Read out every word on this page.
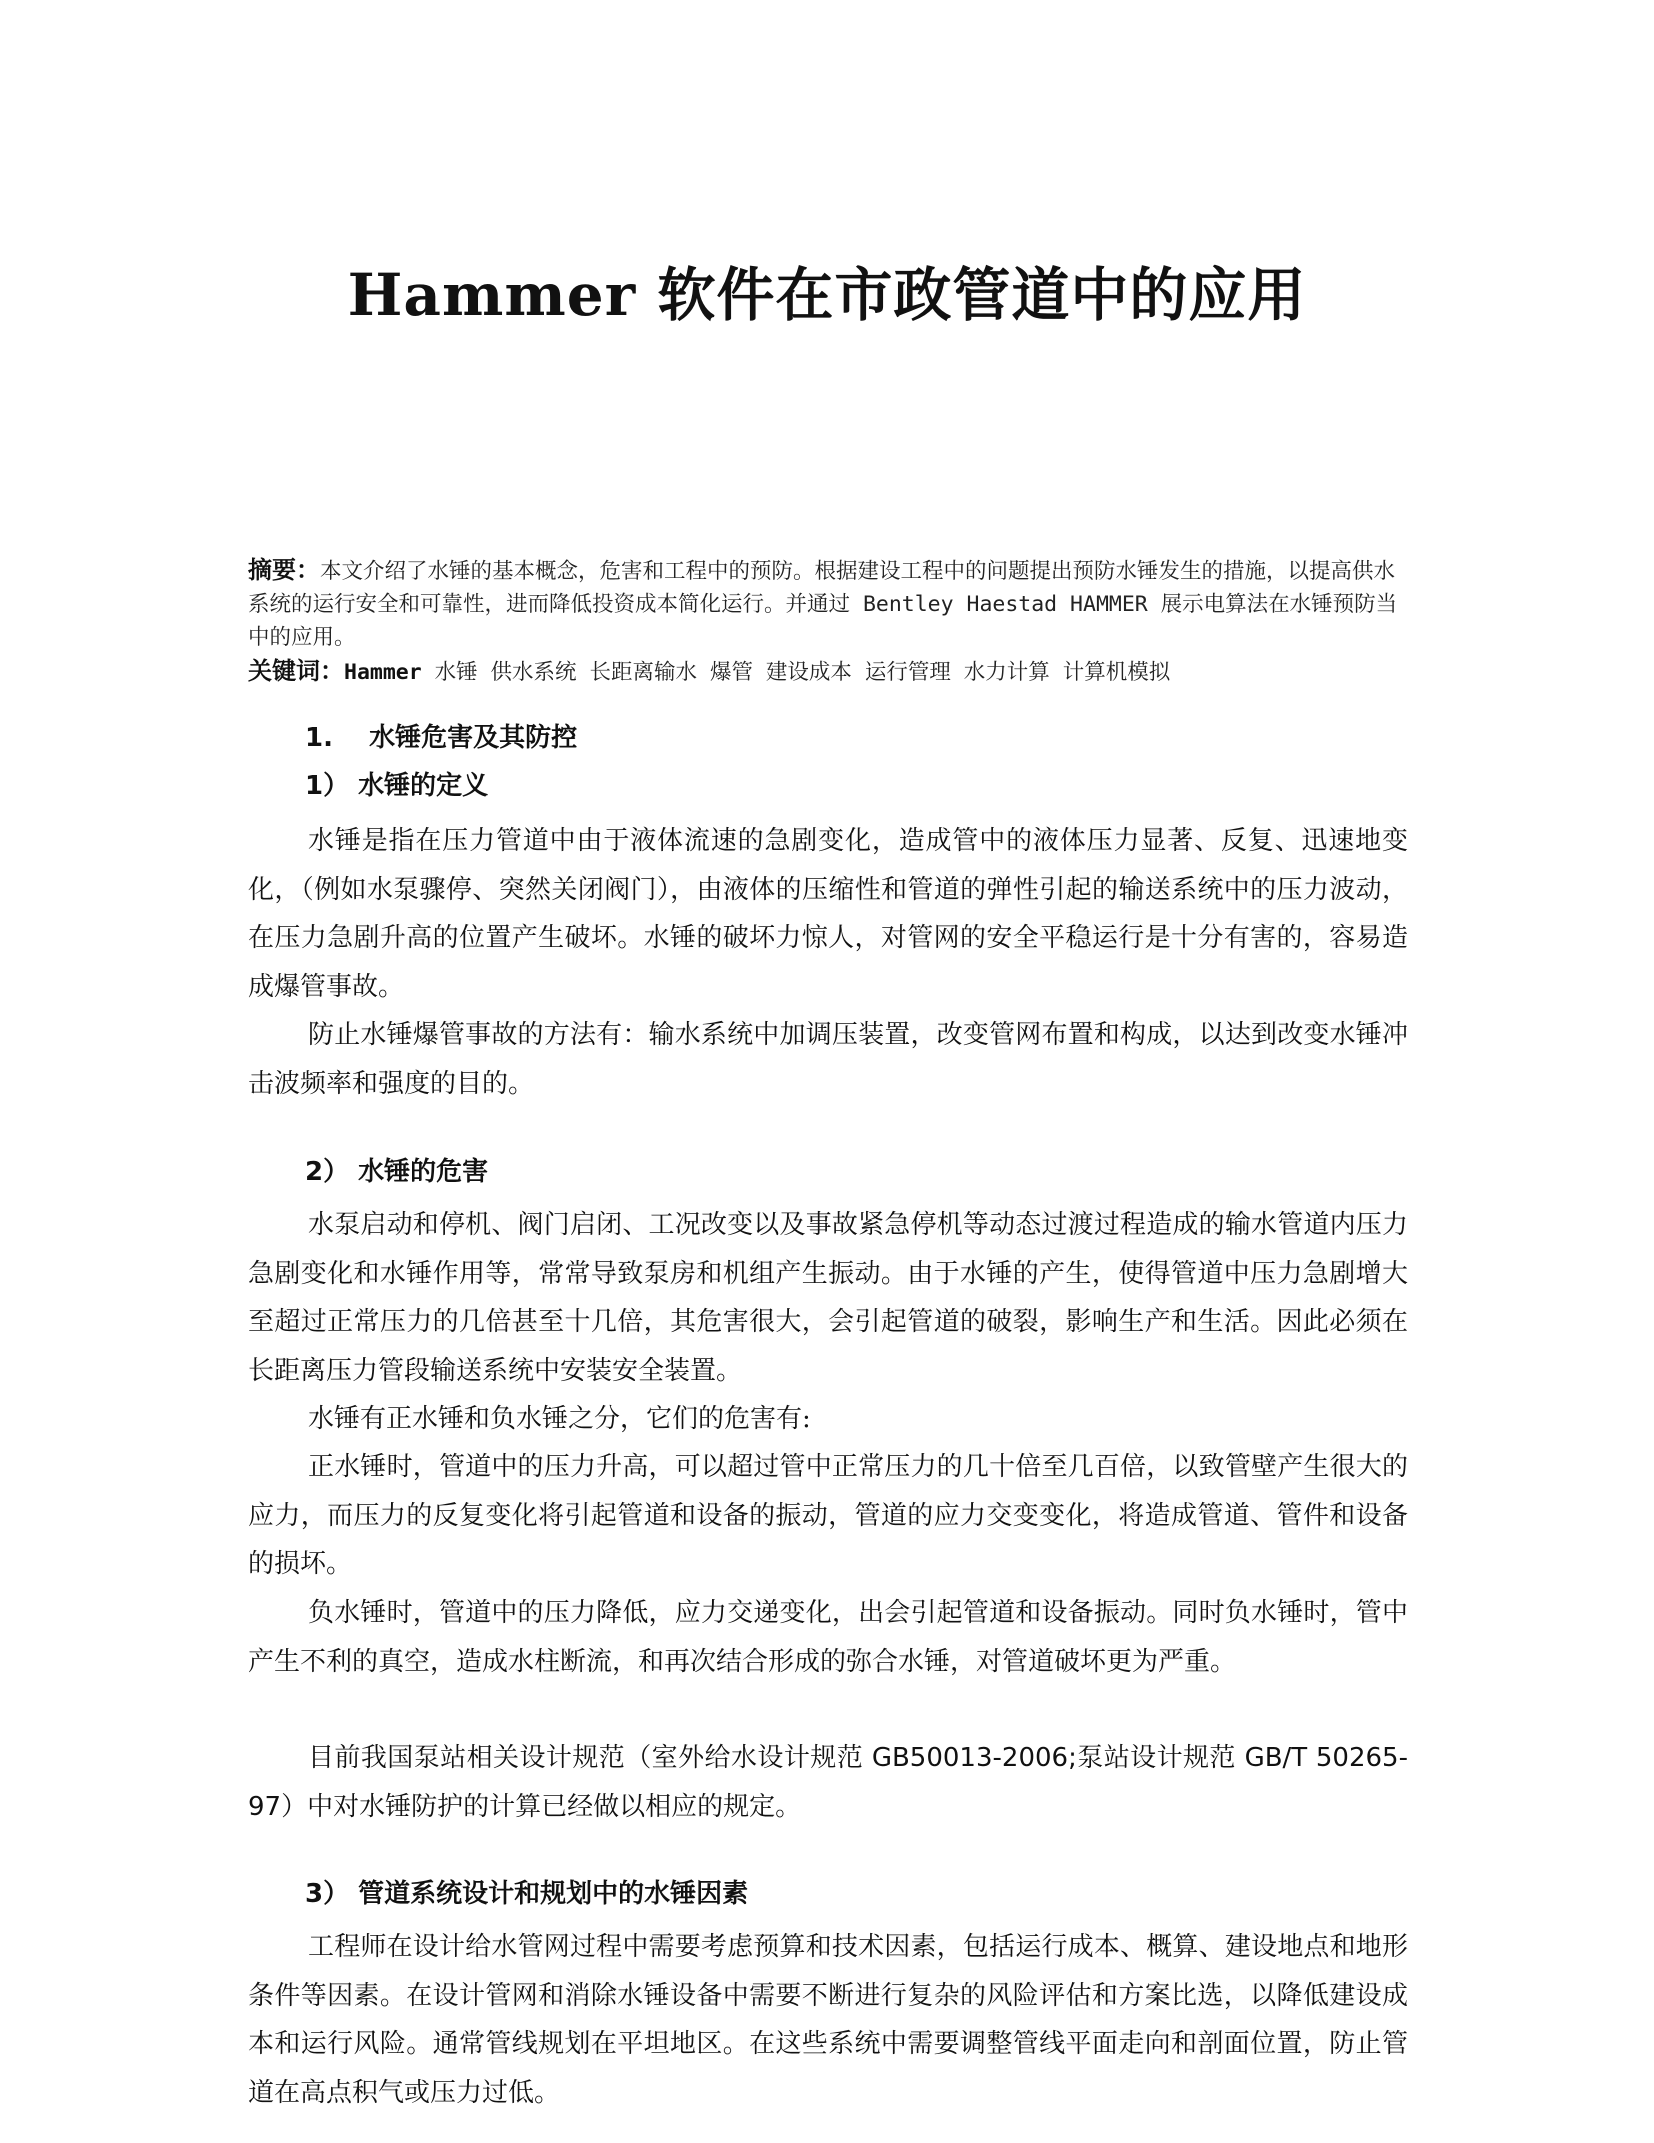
Hammer 软件在市政管道中的应用
摘要：本文介绍了水锤的基本概念，危害和工程中的预防。根据建设工程中的问题提出预防水锤发生的措施，以提高供水系统的运行安全和可靠性，进而降低投资成本简化运行。并通过 Bentley Haestad HAMMER 展示电算法在水锤预防当中的应用。
关键词：Hammer 水锤 供水系统 长距离输水 爆管 建设成本 运行管理 水力计算 计算机模拟
1.    水锤危害及其防控
1） 水锤的定义

水锤是指在压力管道中由于液体流速的急剧变化，造成管中的液体压力显著、反复、迅速地变化，（例如水泵骤停、突然关闭阀门），由液体的压缩性和管道的弹性引起的输送系统中的压力波动，在压力急剧升高的位置产生破坏。水锤的破坏力惊人，对管网的安全平稳运行是十分有害的，容易造成爆管事故。

防止水锤爆管事故的方法有：输水系统中加调压装置，改变管网布置和构成，以达到改变水锤冲击波频率和强度的目的。

2） 水锤的危害

水泵启动和停机、阀门启闭、工况改变以及事故紧急停机等动态过渡过程造成的输水管道内压力急剧变化和水锤作用等，常常导致泵房和机组产生振动。由于水锤的产生，使得管道中压力急剧增大至超过正常压力的几倍甚至十几倍，其危害很大，会引起管道的破裂，影响生产和生活。因此必须在长距离压力管段输送系统中安装安全装置。

水锤有正水锤和负水锤之分，它们的危害有:

正水锤时，管道中的压力升高，可以超过管中正常压力的几十倍至几百倍，以致管壁产生很大的应力，而压力的反复变化将引起管道和设备的振动，管道的应力交变变化，将造成管道、管件和设备的损坏。

负水锤时，管道中的压力降低，应力交递变化，出会引起管道和设备振动。同时负水锤时，管中产生不利的真空，造成水柱断流，和再次结合形成的弥合水锤，对管道破坏更为严重。

目前我国泵站相关设计规范（室外给水设计规范 GB50013-2006;泵站设计规范 GB/T 50265-97）中对水锤防护的计算已经做以相应的规定。

3） 管道系统设计和规划中的水锤因素

工程师在设计给水管网过程中需要考虑预算和技术因素，包括运行成本、概算、建设地点和地形条件等因素。在设计管网和消除水锤设备中需要不断进行复杂的风险评估和方案比选，以降低建设成本和运行风险。通常管线规划在平坦地区。在这些系统中需要调整管线平面走向和剖面位置，防止管道在高点积气或压力过低。
